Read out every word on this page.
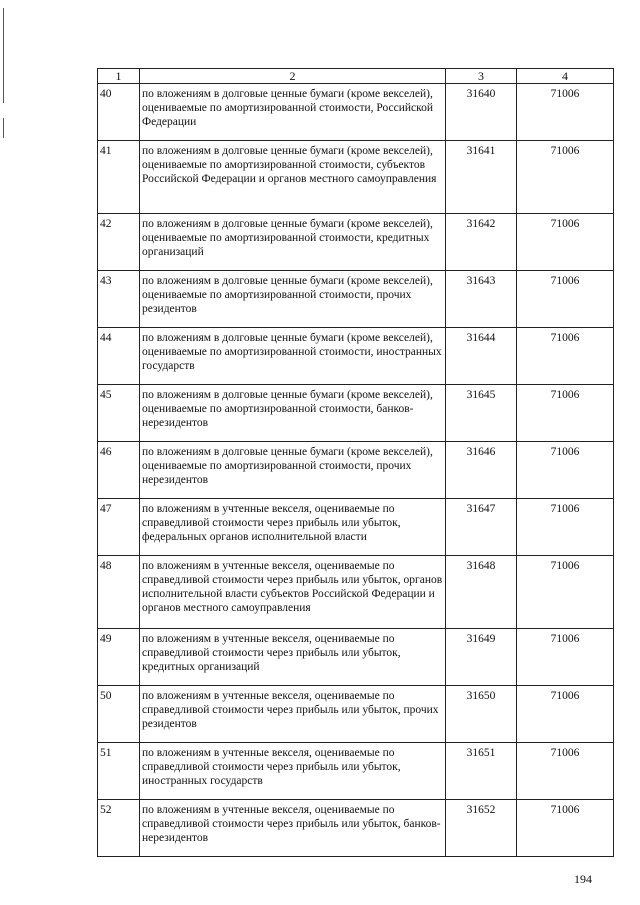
1	2	3	4
40	по вложениям в долговые ценные бумаги (кроме векселей), оцениваемые по амортизированной стоимости, Российской Федерации	31640	71006
41	по вложениям в долговые ценные бумаги (кроме векселей), оцениваемые по амортизированной стоимости, субъектов Российской Федерации и органов местного самоуправления	31641	71006
42	по вложениям в долговые ценные бумаги (кроме векселей), оцениваемые по амортизированной стоимости, кредитных организаций	31642	71006
43	по вложениям в долговые ценные бумаги (кроме векселей), оцениваемые по амортизированной стоимости, прочих резидентов	31643	71006
44	по вложениям в долговые ценные бумаги (кроме векселей), оцениваемые по амортизированной стоимости, иностранных государств	31644	71006
45	по вложениям в долговые ценные бумаги (кроме векселей), оцениваемые по амортизированной стоимости, банков-нерезидентов	31645	71006
46	по вложениям в долговые ценные бумаги (кроме векселей), оцениваемые по амортизированной стоимости, прочих нерезидентов	31646	71006
47	по вложениям в учтенные векселя, оцениваемые по справедливой стоимости через прибыль или убыток, федеральных органов исполнительной власти	31647	71006
48	по вложениям в учтенные векселя, оцениваемые по справедливой стоимости через прибыль или убыток, органов исполнительной власти субъектов Российской Федерации и органов местного самоуправления	31648	71006
49	по вложениям в учтенные векселя, оцениваемые по справедливой стоимости через прибыль или убыток, кредитных организаций	31649	71006
50	по вложениям в учтенные векселя, оцениваемые по справедливой стоимости через прибыль или убыток, прочих резидентов	31650	71006
51	по вложениям в учтенные векселя, оцениваемые по справедливой стоимости через прибыль или убыток, иностранных государств	31651	71006
52	по вложениям в учтенные векселя, оцениваемые по справедливой стоимости через прибыль или убыток, банков-нерезидентов	31652	71006
194
